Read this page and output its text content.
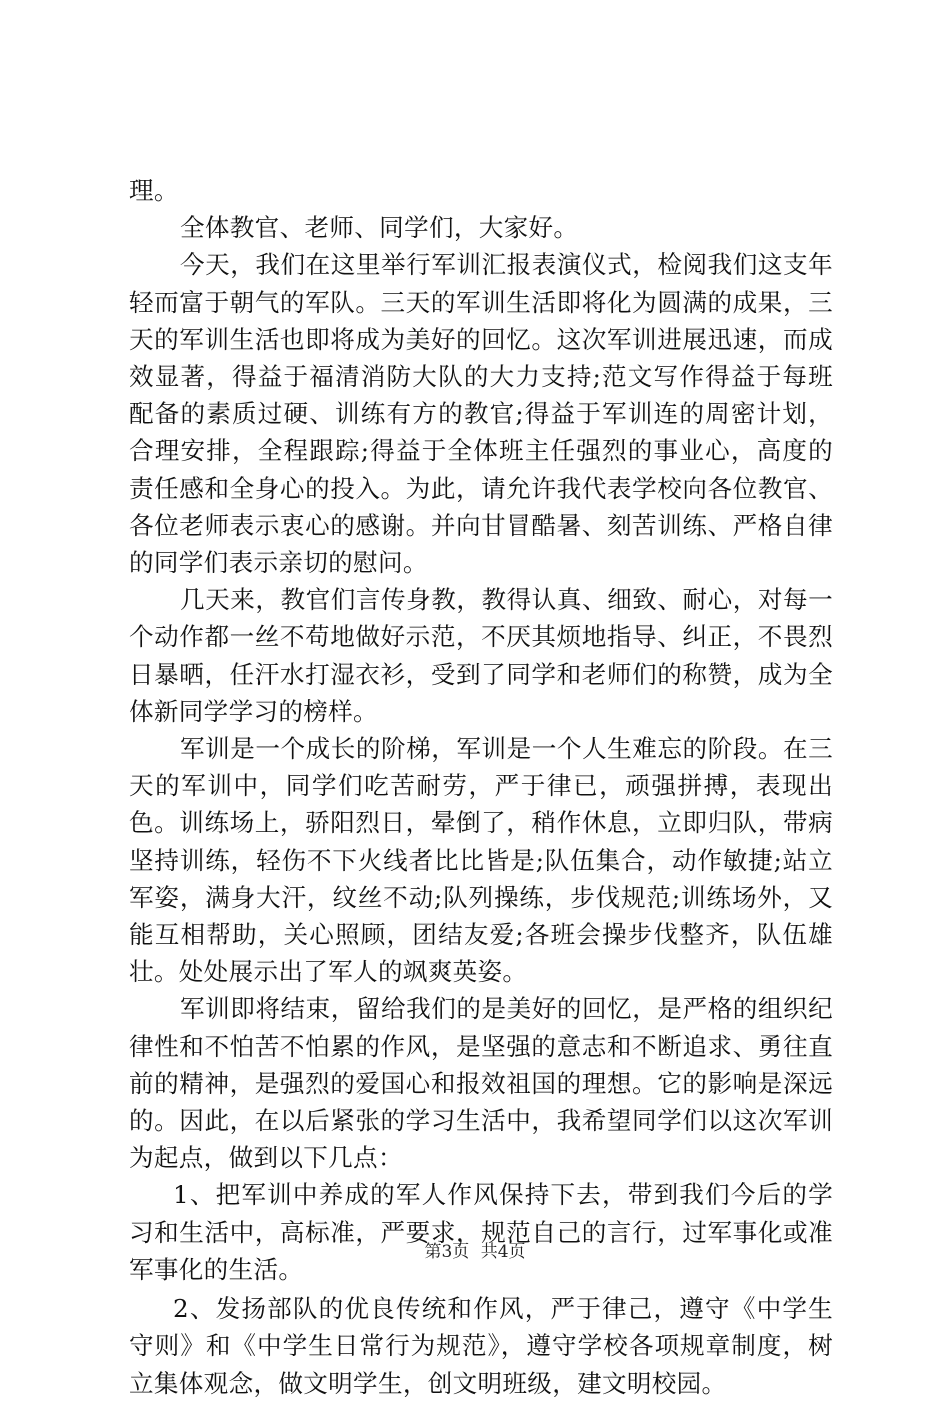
理。

全体教官、老师、同学们，大家好。

今天，我们在这里举行军训汇报表演仪式，检阅我们这支年轻而富于朝气的军队。三天的军训生活即将化为圆满的成果，三天的军训生活也即将成为美好的回忆。这次军训进展迅速，而成效显著，得益于福清消防大队的大力支持;范文写作得益于每班配备的素质过硬、训练有方的教官;得益于军训连的周密计划，合理安排，全程跟踪;得益于全体班主任强烈的事业心，高度的责任感和全身心的投入。为此，请允许我代表学校向各位教官、各位老师表示衷心的感谢。并向甘冒酷暑、刻苦训练、严格自律的同学们表示亲切的慰问。

几天来，教官们言传身教，教得认真、细致、耐心，对每一个动作都一丝不苟地做好示范，不厌其烦地指导、纠正，不畏烈日暴晒，任汗水打湿衣衫，受到了同学和老师们的称赞，成为全体新同学学习的榜样。

军训是一个成长的阶梯，军训是一个人生难忘的阶段。在三天的军训中，同学们吃苦耐劳，严于律已，顽强拼搏，表现出色。训练场上，骄阳烈日，晕倒了，稍作休息，立即归队，带病坚持训练，轻伤不下火线者比比皆是;队伍集合，动作敏捷;站立军姿，满身大汗，纹丝不动;队列操练，步伐规范;训练场外，又能互相帮助，关心照顾，团结友爱;各班会操步伐整齐，队伍雄壮。处处展示出了军人的飒爽英姿。

军训即将结束，留给我们的是美好的回忆，是严格的组织纪律性和不怕苦不怕累的作风，是坚强的意志和不断追求、勇往直前的精神，是强烈的爱国心和报效祖国的理想。它的影响是深远的。因此，在以后紧张的学习生活中，我希望同学们以这次军训为起点，做到以下几点：

1、把军训中养成的军人作风保持下去，带到我们今后的学习和生活中，高标准，严要求，规范自己的言行，过军事化或准军事化的生活。

2、发扬部队的优良传统和作风，严于律己，遵守《中学生守则》和《中学生日常行为规范》，遵守学校各项规章制度，树立集体观念，做文明学生，创文明班级，建文明校园。

第3页 共4页
